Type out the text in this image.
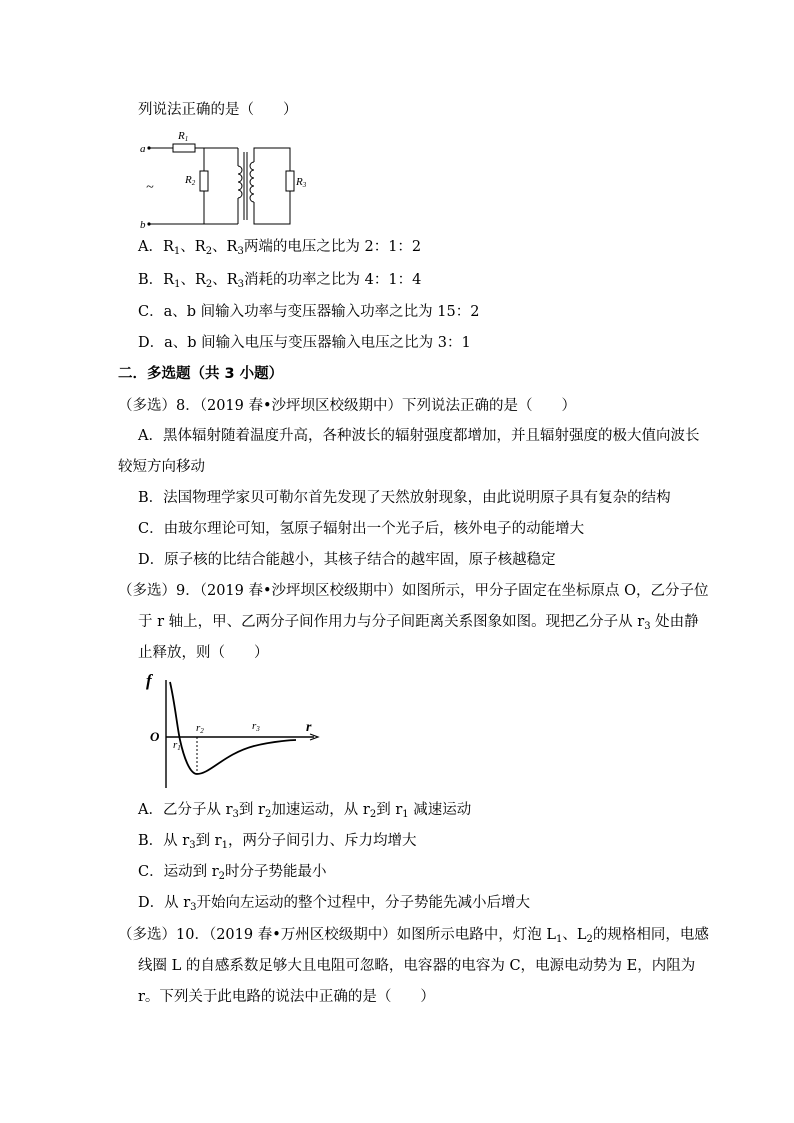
列说法正确的是（　　）
a
b
~
R1
R2	R3
A．$R_1$、$R_2$、$R_3$两端的电压之比为 2：1：2
B．$R_1$、$R_2$、$R_3$消耗的功率之比为 4：1：4
C．a、b 间输入功率与变压器输入功率之比为 15：2
D．a、b 间输入电压与变压器输入电压之比为 3：1
二．多选题（共 3 小题）
（多选）8．（2019 春•沙坪坝区校级期中）下列说法正确的是（　　）
A．黑体辐射随着温度升高，各种波长的辐射强度都增加，并且辐射强度的极大值向波长
较短方向移动
B．法国物理学家贝可勒尔首先发现了天然放射现象，由此说明原子具有复杂的结构
C．由玻尔理论可知，氢原子辐射出一个光子后，核外电子的动能增大
D．原子核的比结合能越小，其核子结合的越牢固，原子核越稳定
（多选）9．（2019 春•沙坪坝区校级期中）如图所示，甲分子固定在坐标原点 O，乙分子位
于 r 轴上，甲、乙两分子间作用力与分子间距离关系图象如图。现把乙分子从 $r_3$ 处由静
止释放，则（　　）
f
O
r
r1
r2	r3
A．乙分子从 $r_3$到 $r_2$加速运动，从 $r_2$到 $r_1$ 减速运动
B．从 $r_3$到 $r_1$，两分子间引力、斥力均增大
C．运动到 $r_2$时分子势能最小
D．从 $r_3$开始向左运动的整个过程中，分子势能先减小后增大
（多选）10．（2019 春•万州区校级期中）如图所示电路中，灯泡 $L_1$、$L_2$的规格相同，电感
线圈 L 的自感系数足够大且电阻可忽略，电容器的电容为 C，电源电动势为 E，内阻为
r。下列关于此电路的说法中正确的是（　　）
